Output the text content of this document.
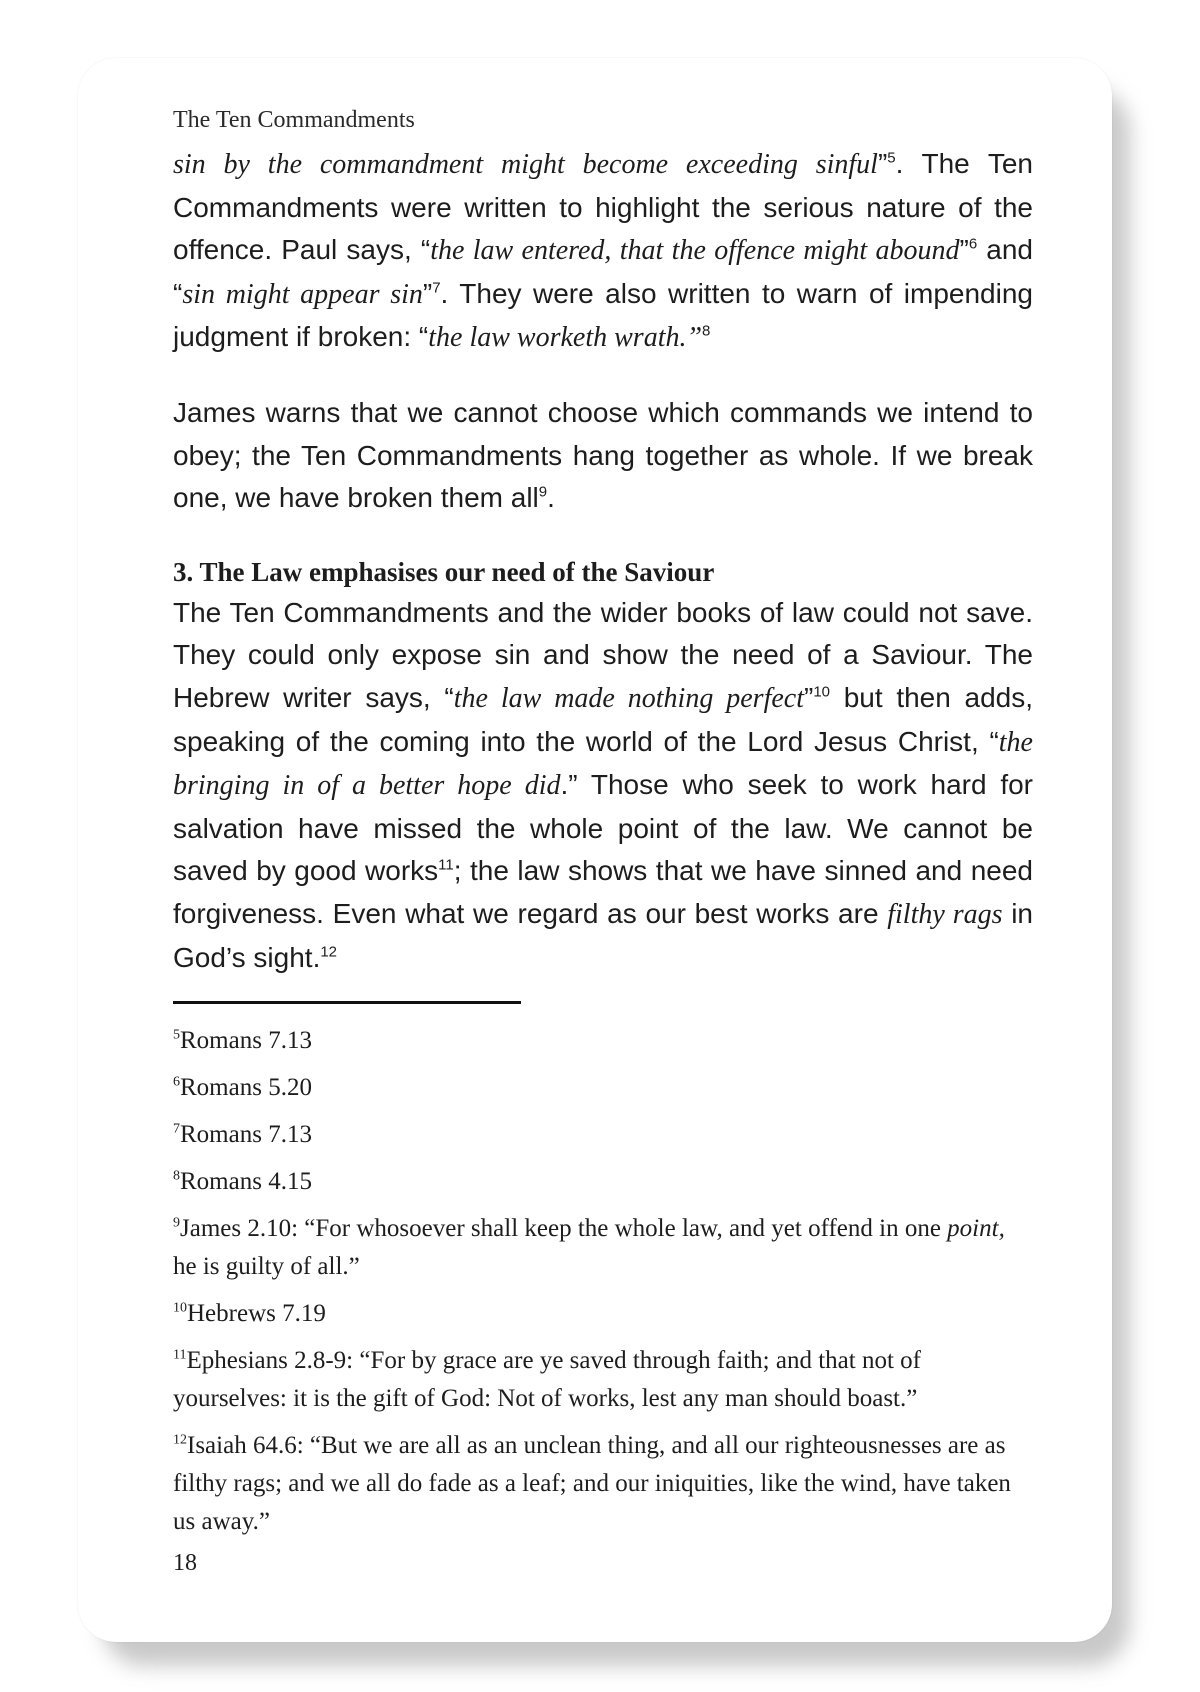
The Ten Commandments

sin by the commandment might become exceeding sinful”$^5$. The Ten Commandments were written to highlight the serious nature of the offence. Paul says, “the law entered, that the offence might abound”$^6$ and “sin might appear sin”$^7$. They were also written to warn of impending judgment if broken: “the law worketh wrath.”$^8$

James warns that we cannot choose which commands we intend to obey; the Ten Commandments hang together as whole. If we break one, we have broken them all$^9$.

3. The Law emphasises our need of the Saviour

The Ten Commandments and the wider books of law could not save. They could only expose sin and show the need of a Saviour. The Hebrew writer says, “the law made nothing perfect”$^{10}$ but then adds, speaking of the coming into the world of the Lord Jesus Christ, “the bringing in of a better hope did.” Those who seek to work hard for salvation have missed the whole point of the law. We cannot be saved by good works$^{11}$; the law shows that we have sinned and need forgiveness. Even what we regard as our best works are filthy rags in God’s sight.$^{12}$

$^5$Romans 7.13

$^6$Romans 5.20

$^7$Romans 7.13

$^8$Romans 4.15

$^9$James 2.10: “For whosoever shall keep the whole law, and yet offend in one point, he is guilty of all.”

$^{10}$Hebrews 7.19

$^{11}$Ephesians 2.8-9: “For by grace are ye saved through faith; and that not of yourselves: it is the gift of God: Not of works, lest any man should boast.”

$^{12}$Isaiah 64.6: “But we are all as an unclean thing, and all our righteousnesses are as filthy rags; and we all do fade as a leaf; and our iniquities, like the wind, have taken us away.”

18
